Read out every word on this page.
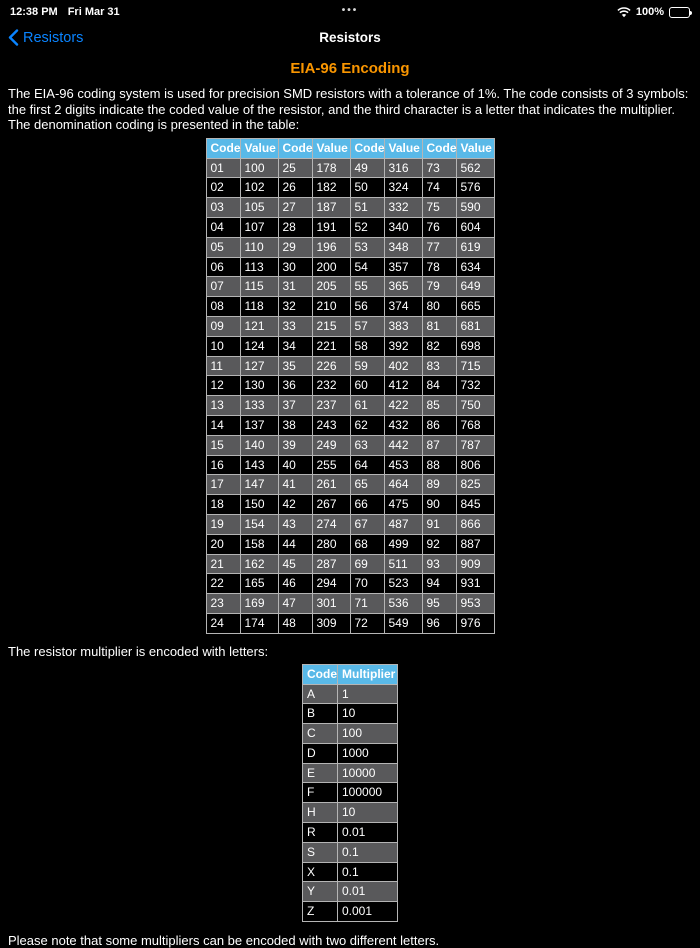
12:38 PM Fri Mar 31	•••	100%
Resistors	Resistors
EIA-96 Encoding

The EIA-96 coding system is used for precision SMD resistors with a tolerance of 1%. The code consists of 3 symbols: the first 2 digits indicate the coded value of the resistor, and the third character is a letter that indicates the multiplier. The denomination coding is presented in the table:

Code	Value	Code	Value	Code	Value	Code	Value
01	100	25	178	49	316	73	562
02	102	26	182	50	324	74	576
03	105	27	187	51	332	75	590
04	107	28	191	52	340	76	604
05	110	29	196	53	348	77	619
06	113	30	200	54	357	78	634
07	115	31	205	55	365	79	649
08	118	32	210	56	374	80	665
09	121	33	215	57	383	81	681
10	124	34	221	58	392	82	698
11	127	35	226	59	402	83	715
12	130	36	232	60	412	84	732
13	133	37	237	61	422	85	750
14	137	38	243	62	432	86	768
15	140	39	249	63	442	87	787
16	143	40	255	64	453	88	806
17	147	41	261	65	464	89	825
18	150	42	267	66	475	90	845
19	154	43	274	67	487	91	866
20	158	44	280	68	499	92	887
21	162	45	287	69	511	93	909
22	165	46	294	70	523	94	931
23	169	47	301	71	536	95	953
24	174	48	309	72	549	96	976

The resistor multiplier is encoded with letters:

Code	Multiplier
A	1
B	10
C	100
D	1000
E	10000
F	100000
H	10
R	0.01
S	0.1
X	0.1
Y	0.01
Z	0.001

Please note that some multipliers can be encoded with two different letters.
